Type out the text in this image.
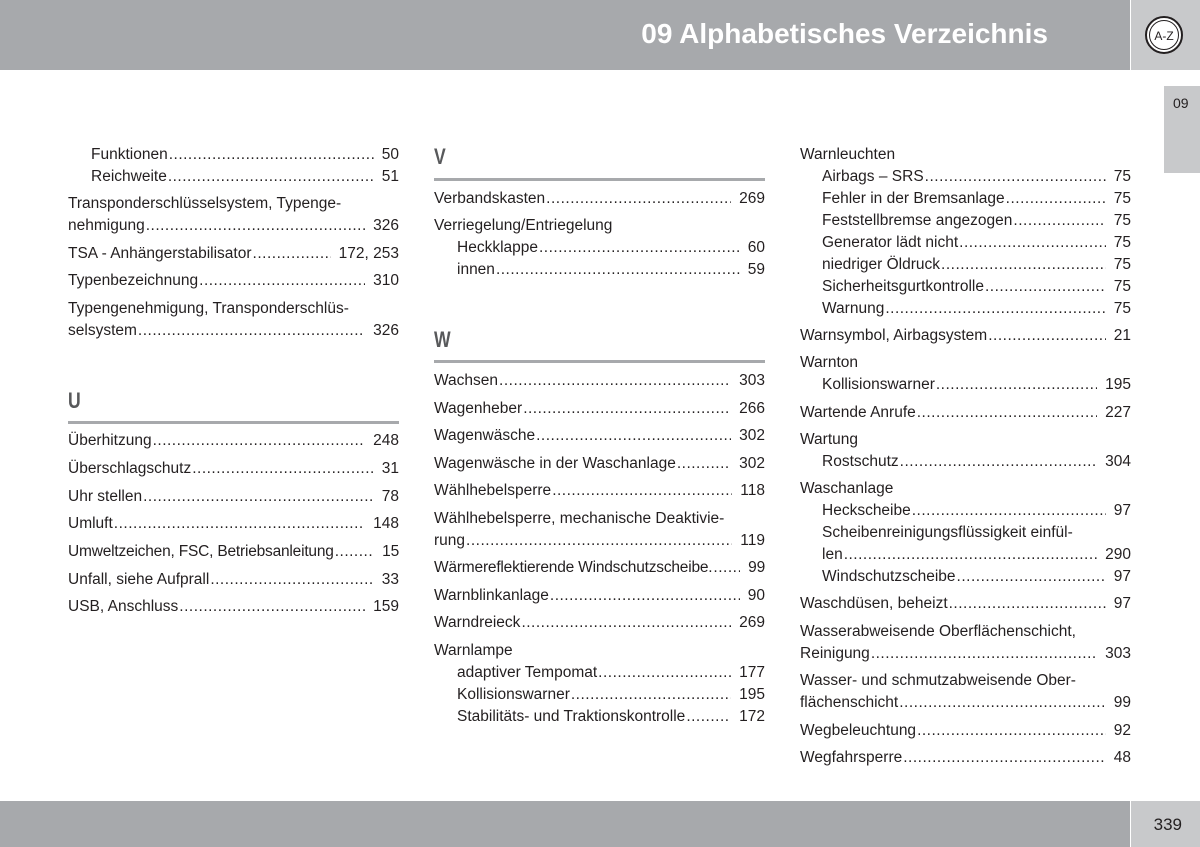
09 Alphabetisches Verzeichnis	A-Z
09
Funktionen .....	50
Reichweite .....	51
Transponderschlüsselsystem, Typenge-
nehmigung .....	326
TSA - Anhängerstabilisator .....	172, 253
Typenbezeichnung .....	310
Typengenehmigung, Transponderschlüs-
selsystem .....	326
U
Überhitzung .....	248
Überschlagschutz .....	31
Uhr stellen .....	78
Umluft .....	148
Umweltzeichen, FSC, Betriebsanleitung .....	15
Unfall, siehe Aufprall .....	33
USB, Anschluss .....	159
V
Verbandskasten .....	269
Verriegelung/Entriegelung
Heckklappe .....	60
innen .....	59
W
Wachsen .....	303
Wagenheber .....	266
Wagenwäsche .....	302
Wagenwäsche in der Waschanlage .....	302
Wählhebelsperre .....	118
Wählhebelsperre, mechanische Deaktivie-
rung .....	119
Wärmereflektierende Windschutzscheibe. .....	99
Warnblinkanlage .....	90
Warndreieck .....	269
Warnlampe
adaptiver Tempomat .....	177
Kollisionswarner .....	195
Stabilitäts- und Traktionskontrolle .....	172
Warnleuchten
Airbags – SRS .....	75
Fehler in der Bremsanlage .....	75
Feststellbremse angezogen .....	75
Generator lädt nicht .....	75
niedriger Öldruck .....	75
Sicherheitsgurtkontrolle .....	75
Warnung .....	75
Warnsymbol, Airbagsystem .....	21
Warnton
Kollisionswarner .....	195
Wartende Anrufe .....	227
Wartung
Rostschutz .....	304
Waschanlage
Heckscheibe .....	97
Scheibenreinigungsflüssigkeit einfül-
len .....	290
Windschutzscheibe .....	97
Waschdüsen, beheizt .....	97
Wasserabweisende Oberflächenschicht,
Reinigung .....	303
Wasser- und schmutzabweisende Ober-
flächenschicht .....	99
Wegbeleuchtung .....	92
Wegfahrsperre .....	48
339
